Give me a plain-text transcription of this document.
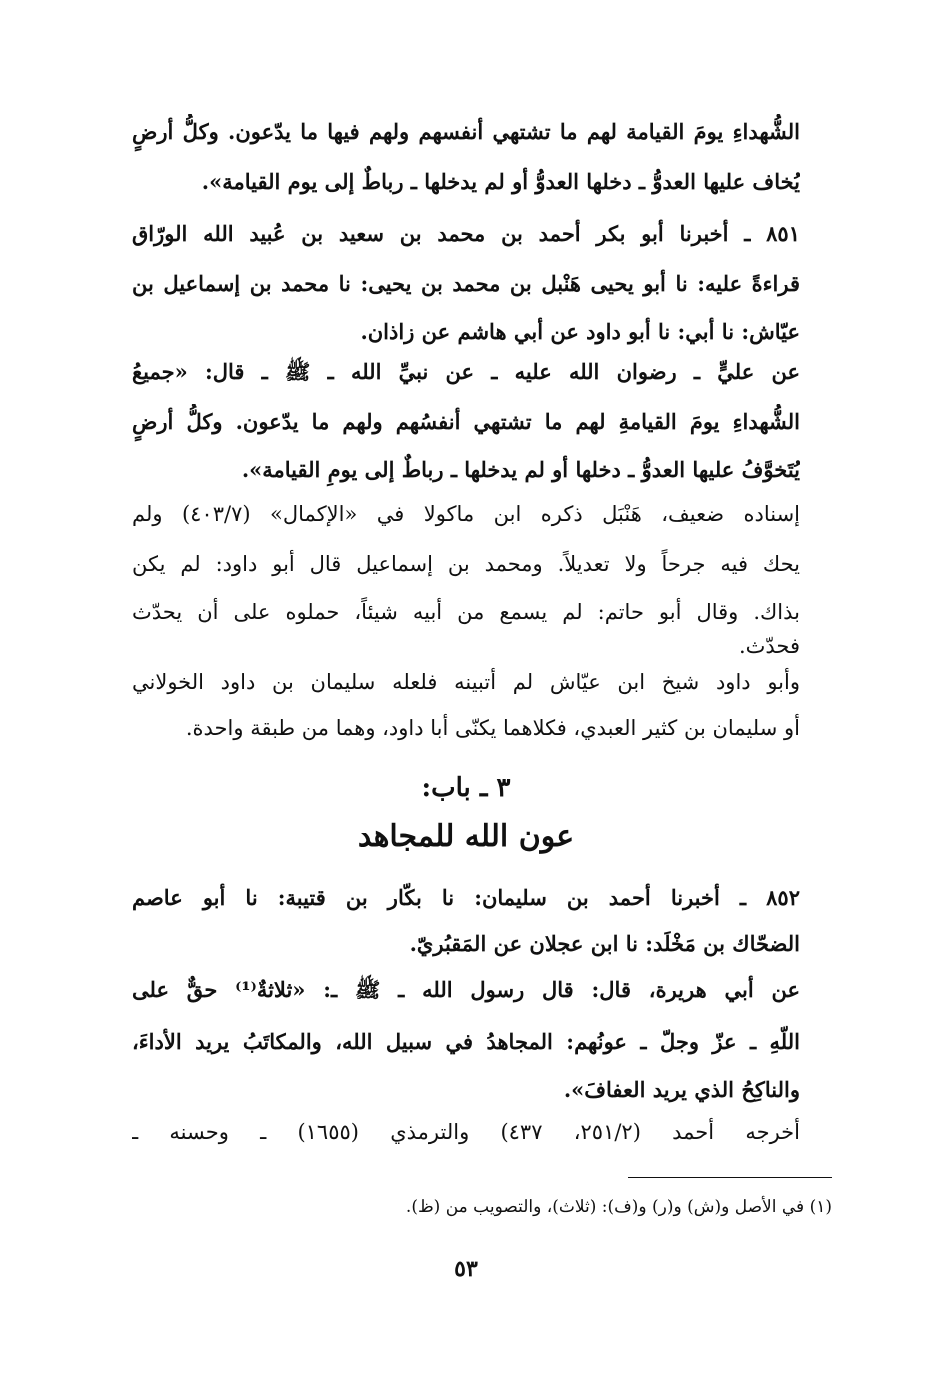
الشُّهداءِ يومَ القيامة لهم ما تشتهي أنفسهم ولهم فيها ما يدّعون. وكلُّ أرضٍ
يُخاف عليها العدوُّ ـ دخلها العدوُّ أو لم يدخلها ـ رباطٌ إلى يوم القيامة».
٨٥١ ـ أخبرنا أبو بكر أحمد بن محمد بن سعيد بن عُبيد الله الورّاق
قراءةً عليه: نا أبو يحيى هَنْبل بن محمد بن يحيى: نا محمد بن إسماعيل بن
عيّاش: نا أبي: نا أبو داود عن أبي هاشم عن زاذان.
عن عليٍّ ـ رضوان الله عليه ـ عن نبيِّ الله ـ ﷺ ـ قال: «جميعُ
الشُّهداءِ يومَ القيامةِ لهم ما تشتهي أنفسُهم ولهم ما يدّعون. وكلُّ أرضٍ
يُتَخوَّفُ عليها العدوُّ ـ دخلها أو لم يدخلها ـ رباطٌ إلى يومِ القيامة».
إسناده ضعيف، هَنْبَل ذكره ابن ماكولا في «الإكمال» (٤٠٣/٧) ولم
يحك فيه جرحاً ولا تعديلاً. ومحمد بن إسماعيل قال أبو داود: لم يكن
بذاك. وقال أبو حاتم: لم يسمع من أبيه شيئاً، حملوه على أن يحدّث
فحدّث.
وأبو داود شيخ ابن عيّاش لم أتبينه فلعله سليمان بن داود الخولاني
أو سليمان بن كثير العبدي، فكلاهما يكنّى أبا داود، وهما من طبقة واحدة.
٣ ـ باب:
عون الله للمجاهد
٨٥٢ ـ أخبرنا أحمد بن سليمان: نا بكّار بن قتيبة: نا أبو عاصم
الضحّاك بن مَخْلَد: نا ابن عجلان عن المَقبُريّ.
عن أبي هريرة، قال: قال رسول الله ـ ﷺ ـ: «ثلاثةٌ⁽¹⁾ حقٌّ على
اللّهِ ـ عزّ وجلّ ـ عونُهم: المجاهدُ في سبيل الله، والمكاتَبُ يريد الأداءَ،
والناكِحُ الذي يريد العفافَ».
أخرجه أحمد (٢٥١/٢، ٤٣٧) والترمذي (١٦٥٥) ـ وحسنه ـ
(١) في الأصل و(ش) و(ر) و(ف): (ثلاث)، والتصويب من (ظ).
٥٣
